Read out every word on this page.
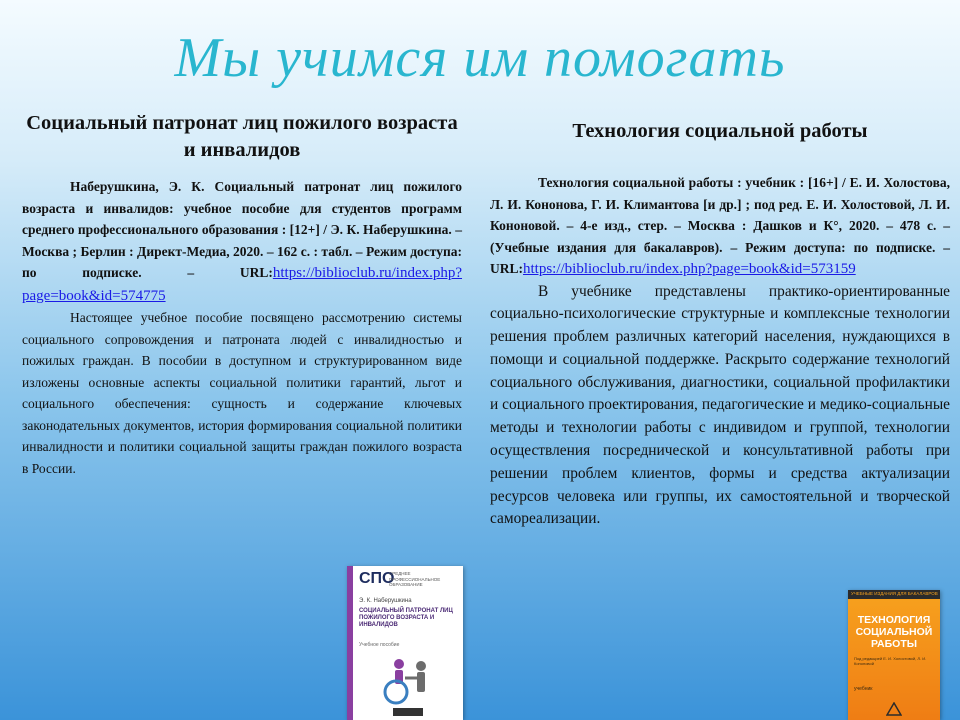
Мы учимся им помогать
Социальный патронат лиц пожилого возраста и инвалидов
Наберушкина, Э. К. Социальный патронат лиц пожилого возраста и инвалидов: учебное пособие для студентов программ среднего профессионального образования : [12+] / Э. К. Наберушкина. – Москва ; Берлин : Директ-Медиа, 2020. – 162 с. : табл. – Режим доступа: по подписке. –	URL:https://biblioclub.ru/index.php?page=book&id=574775
Настоящее учебное пособие посвящено рассмотрению системы социального сопровождения и патроната людей с инвалидностью и пожилых граждан. В пособии в доступном и структурированном виде изложены основные аспекты социальной политики гарантий, льгот и социального обеспечения: сущность и содержание ключевых законодательных документов, история формирования социальной политики инвалидности и политики социальной защиты граждан пожилого возраста в России.
Технология социальной работы
Технология социальной работы : учебник : [16+] / Е. И. Холостова, Л. И. Кононова, Г. И. Климантова [и др.] ; под ред. Е. И. Холостовой, Л. И. Кононовой. – 4-е изд., стер. – Москва : Дашков и К°, 2020. – 478 с. – (Учебные издания для бакалавров). – Режим доступа: по подписке. – URL:https://biblioclub.ru/index.php?page=book&id=573159
В учебнике представлены практико-ориентированные социально-психологические структурные и комплексные технологии решения проблем различных категорий населения, нуждающихся в помощи и социальной поддержке. Раскрыто содержание технологий социального обслуживания, диагностики, социальной профилактики и социального проектирования, педагогические и медико-социальные методы и технологии работы с индивидом и группой, технологии осуществления посреднической и консультативной работы при решении проблем клиентов, формы и средства актуализации ресурсов человека или группы, их самостоятельной и творческой самореализации.
СПО
СРЕДНЕЕ ПРОФЕССИОНАЛЬНОЕ ОБРАЗОВАНИЕ
Э. К. Наберушкина
СОЦИАЛЬНЫЙ ПАТРОНАТ ЛИЦ ПОЖИЛОГО ВОЗРАСТА И ИНВАЛИДОВ
Учебное пособие
УЧЕБНЫЕ ИЗДАНИЯ ДЛЯ БАКАЛАВРОВ
ТЕХНОЛОГИЯ СОЦИАЛЬНОЙ РАБОТЫ
Под редакцией Е. И. Холостовой, Л. И. Кононовой
учебник
